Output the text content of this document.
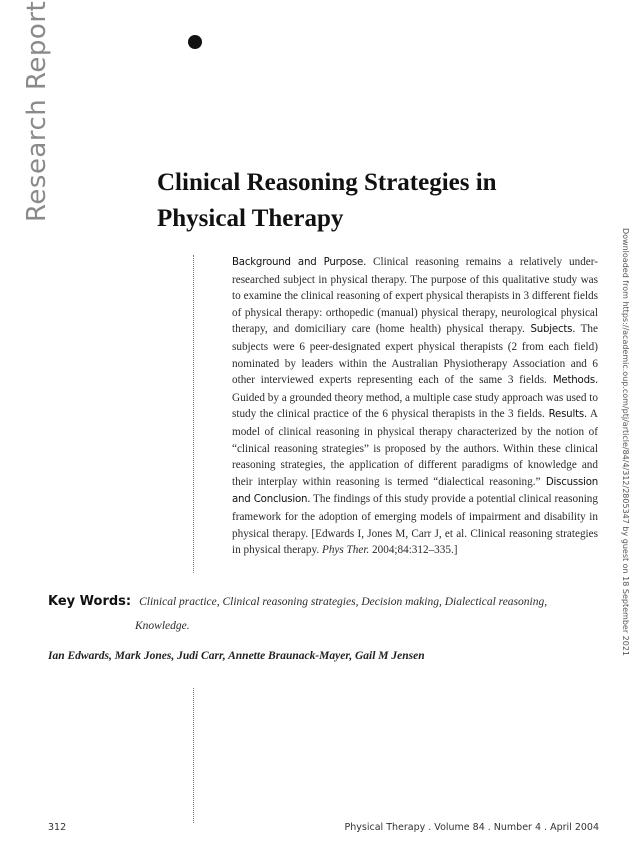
Research Report	Clinical Reasoning Strategies in
Physical Therapy
Background and Purpose. Clinical reasoning remains a relatively under-researched subject in physical therapy. The purpose of this qualitative study was to examine the clinical reasoning of expert physical therapists in 3 different fields of physical therapy: orthopedic (manual) physical therapy, neurological physical therapy, and domiciliary care (home health) physical therapy. Subjects. The subjects were 6 peer-designated expert physical therapists (2 from each field) nominated by leaders within the Australian Physiotherapy Association and 6 other interviewed experts representing each of the same 3 fields. Methods. Guided by a grounded theory method, a multiple case study approach was used to study the clinical practice of the 6 physical therapists in the 3 fields. Results. A model of clinical reasoning in physical therapy characterized by the notion of “clinical reasoning strategies” is proposed by the authors. Within these clinical reasoning strategies, the application of different paradigms of knowledge and their interplay within reasoning is termed “dialectical reasoning.” Discussion and Conclusion. The findings of this study provide a potential clinical reasoning framework for the adoption of emerging models of impairment and disability in physical therapy. [Edwards I, Jones M, Carr J, et al. Clinical reasoning strategies in physical therapy. Phys Ther. 2004;84:312–335.]
Key Words: Clinical practice, Clinical reasoning strategies, Decision making, Dialectical reasoning,
Knowledge.
Ian Edwards, Mark Jones, Judi Carr, Annette Braunack-Mayer, Gail M Jensen	Downloaded from https://academic.oup.com/ptj/article/84/4/312/2805347 by guest on 18 September 2021
312	Physical Therapy . Volume 84 . Number 4 . April 2004
